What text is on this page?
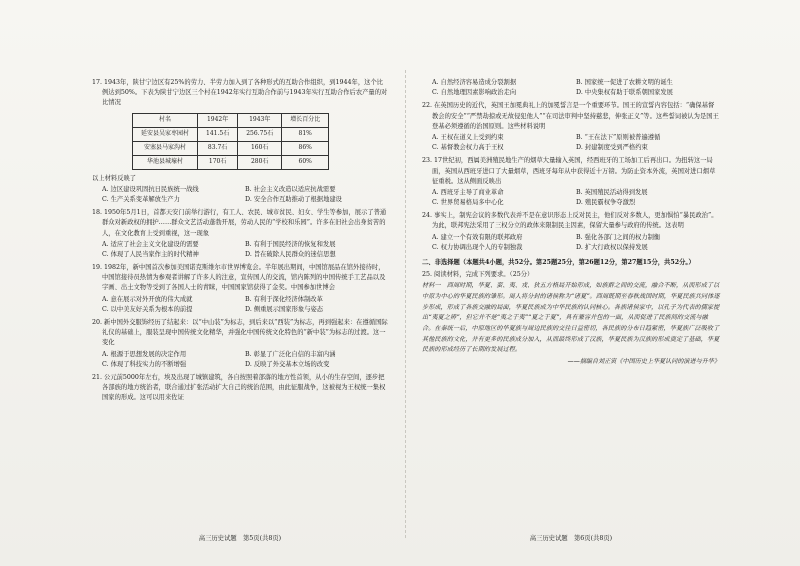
17. 1943年，陕甘宁边区有25%的劳力、半劳力加入到了各种形式的互助合作组织，到1944年，这个比例达到50%。下表为陕甘宁边区三个村在1942年实行互助合作前与1943年实行互助合作后农产量的对比情况
村名	1942年	1943年	增长百分比
延安县吴家枣园村	141.5石	256.75石	81%
安塞县马家沟村	83.7石	160石	86%
华池县城壕村	170石	280石	60%
以上材料反映了
A. 边区建设巩固抗日民族统一战线	B. 社会主义改造以适应抗战需要
C. 生产关系变革解放生产力	D. 安全合作互助推动了根据地建设
18. 1950年5月1日，首都天安门前举行游行，有工人、农民、城市贫民、妇女、学生等参加，展示了普通群众对新政权的拥护……群众文艺活动蓬勃开展，劳动人民的“学校和乐园”。许多在旧社会出身贫苦的人，在文化教育上受到重视，这一现象
A. 适应了社会主义文化建设的需要	B. 有利于国民经济的恢复和发展
C. 体现了人民当家作主的时代精神	D. 旨在破除人民群众的迷信思想
19. 1982年，新中国首次参加美国诺克斯维尔市世界博览会。半年展出期间，中国馆展品在馆外接待时，中国馆接待员热情为参观者讲解了许多人的注意，宣传国人的交流，馆内陈列的中国传统手工艺品以及字画、出土文物等受到了各国人士的青睐，中国国家馆获得了金奖。中国参加世博会
A. 意在展示对外开放的伟大成就	B. 有利于深化经济体制改革
C. 以中美友好关系为根本的前提	D. 侧重展示国家形象与姿态
20. 新中国外交服饰经历了结起来：以“中山装”为标志，到后来以“西装”为标志，再到强起来：在遵循国际礼仪的基础上，服装呈现中国传统文化精华，并强化中国传统文化特色的“新中装”为标志的过渡。这一变化
A. 根源于思想发展的决定作用	B. 彰显了广泛化自信的丰富内涵
C. 体现了科技实力的不断增强	D. 反映了外交基本立场的改变
21. 公元前5000年左右，埃及出现了城镇建筑，各自按照着部落的地方性首领，从小的生存空间，逐步把各部族的地方统治者，联合通过扩张活动扩大自己的统治范围，由此征服战争，这被视为王权统一集权国家的形成。这可以用来佐证
高三历史试题　第5页(共8页)
A. 自然经济容易造成分裂割据	B. 国家统一促进了农耕文明的诞生
C. 自然地理因素影响政治走向	D. 中央集权有助于联系朝国家发展
22. 在英国历史的近代，英国王加冕典礼上的加冕誓言是一个重要环节。国王的宣誓内容包括：“确保基督教会的安全”“严禁劫掠或无故侵犯他人”“在司法审判中坚持慈悲，伸张正义”等。这些誓词被认为是国王登基必须遵循的治国原则。这些材料说明
A. 王权在道义上受到约束	B. “王在法下”原则被普遍遵循
C. 基督教会权力高于王权	D. 封建制度受到严格约束
23. 17世纪初，西属美洲殖民地生产的烟草大量输入英国，经西班牙的工场加工后再出口。为扭转这一局面，英国从西班牙进口了大量烟草，西班牙每年从中获得近十万镑。为防止资本外流，英国对进口烟草征重税。这从侧面反映出
A. 西班牙主导了商业革命	B. 英国殖民活动得到发展
C. 世界贸易格局多中心化	D. 殖民霸权争夺激烈
24. 事实上，制宪会议的多数代表并不是在意识形态上反对民主，他们反对多数人，更加惧怕“暴民政治”。为此，联邦宪法采用了三权分立的政体来限制民主因素，保留大量参与政府的传统。这表明
A. 建立一个有效有限的联邦政府	B. 强化各部门之间的权力制衡
C. 权力协调出现个人的专制独裁	D. 扩大行政权以保持发展
二、非选择题（本题共4小题，共52分。第25题25分，第26题12分，第27题15分，共52分。）
25. 阅读材料，完成下列要求。（25分）
材料一　西周时期，华夏、蛮、夷、戎、狄五方格局开始形成，如族群之间的交流，融合不断，从而形成了以中原为中心的华夏民族的雏形。周人将分封的诸侯称为“诸夏”。西周既期至春秋战国时期，华夏民族共同体逐步形成，形成了各族交融的局面，华夏民族成为中华民族的认同核心。各族诸侯家中，以孔子为代表的儒家提出“夷夏之辨”，但它并不是“夷之于夷”“夏之于夏”，具有兼容并包的一面，从而促进了民族间的交流与融合。在秦统一后，中原地区的华夏族与周边民族的交往日益密切，各民族的分布日趋紧密，华夏族广泛吸收了其他民族的文化，并有更多的民族成分加入，从而最终形成了汉族，华夏民族为汉族的形成奠定了基础，华夏民族的形成经历了长期的发展过程。
——摘编自刘正寅《中国历史上华夏认同的演进与升华》
高三历史试题　第6页(共8页)
